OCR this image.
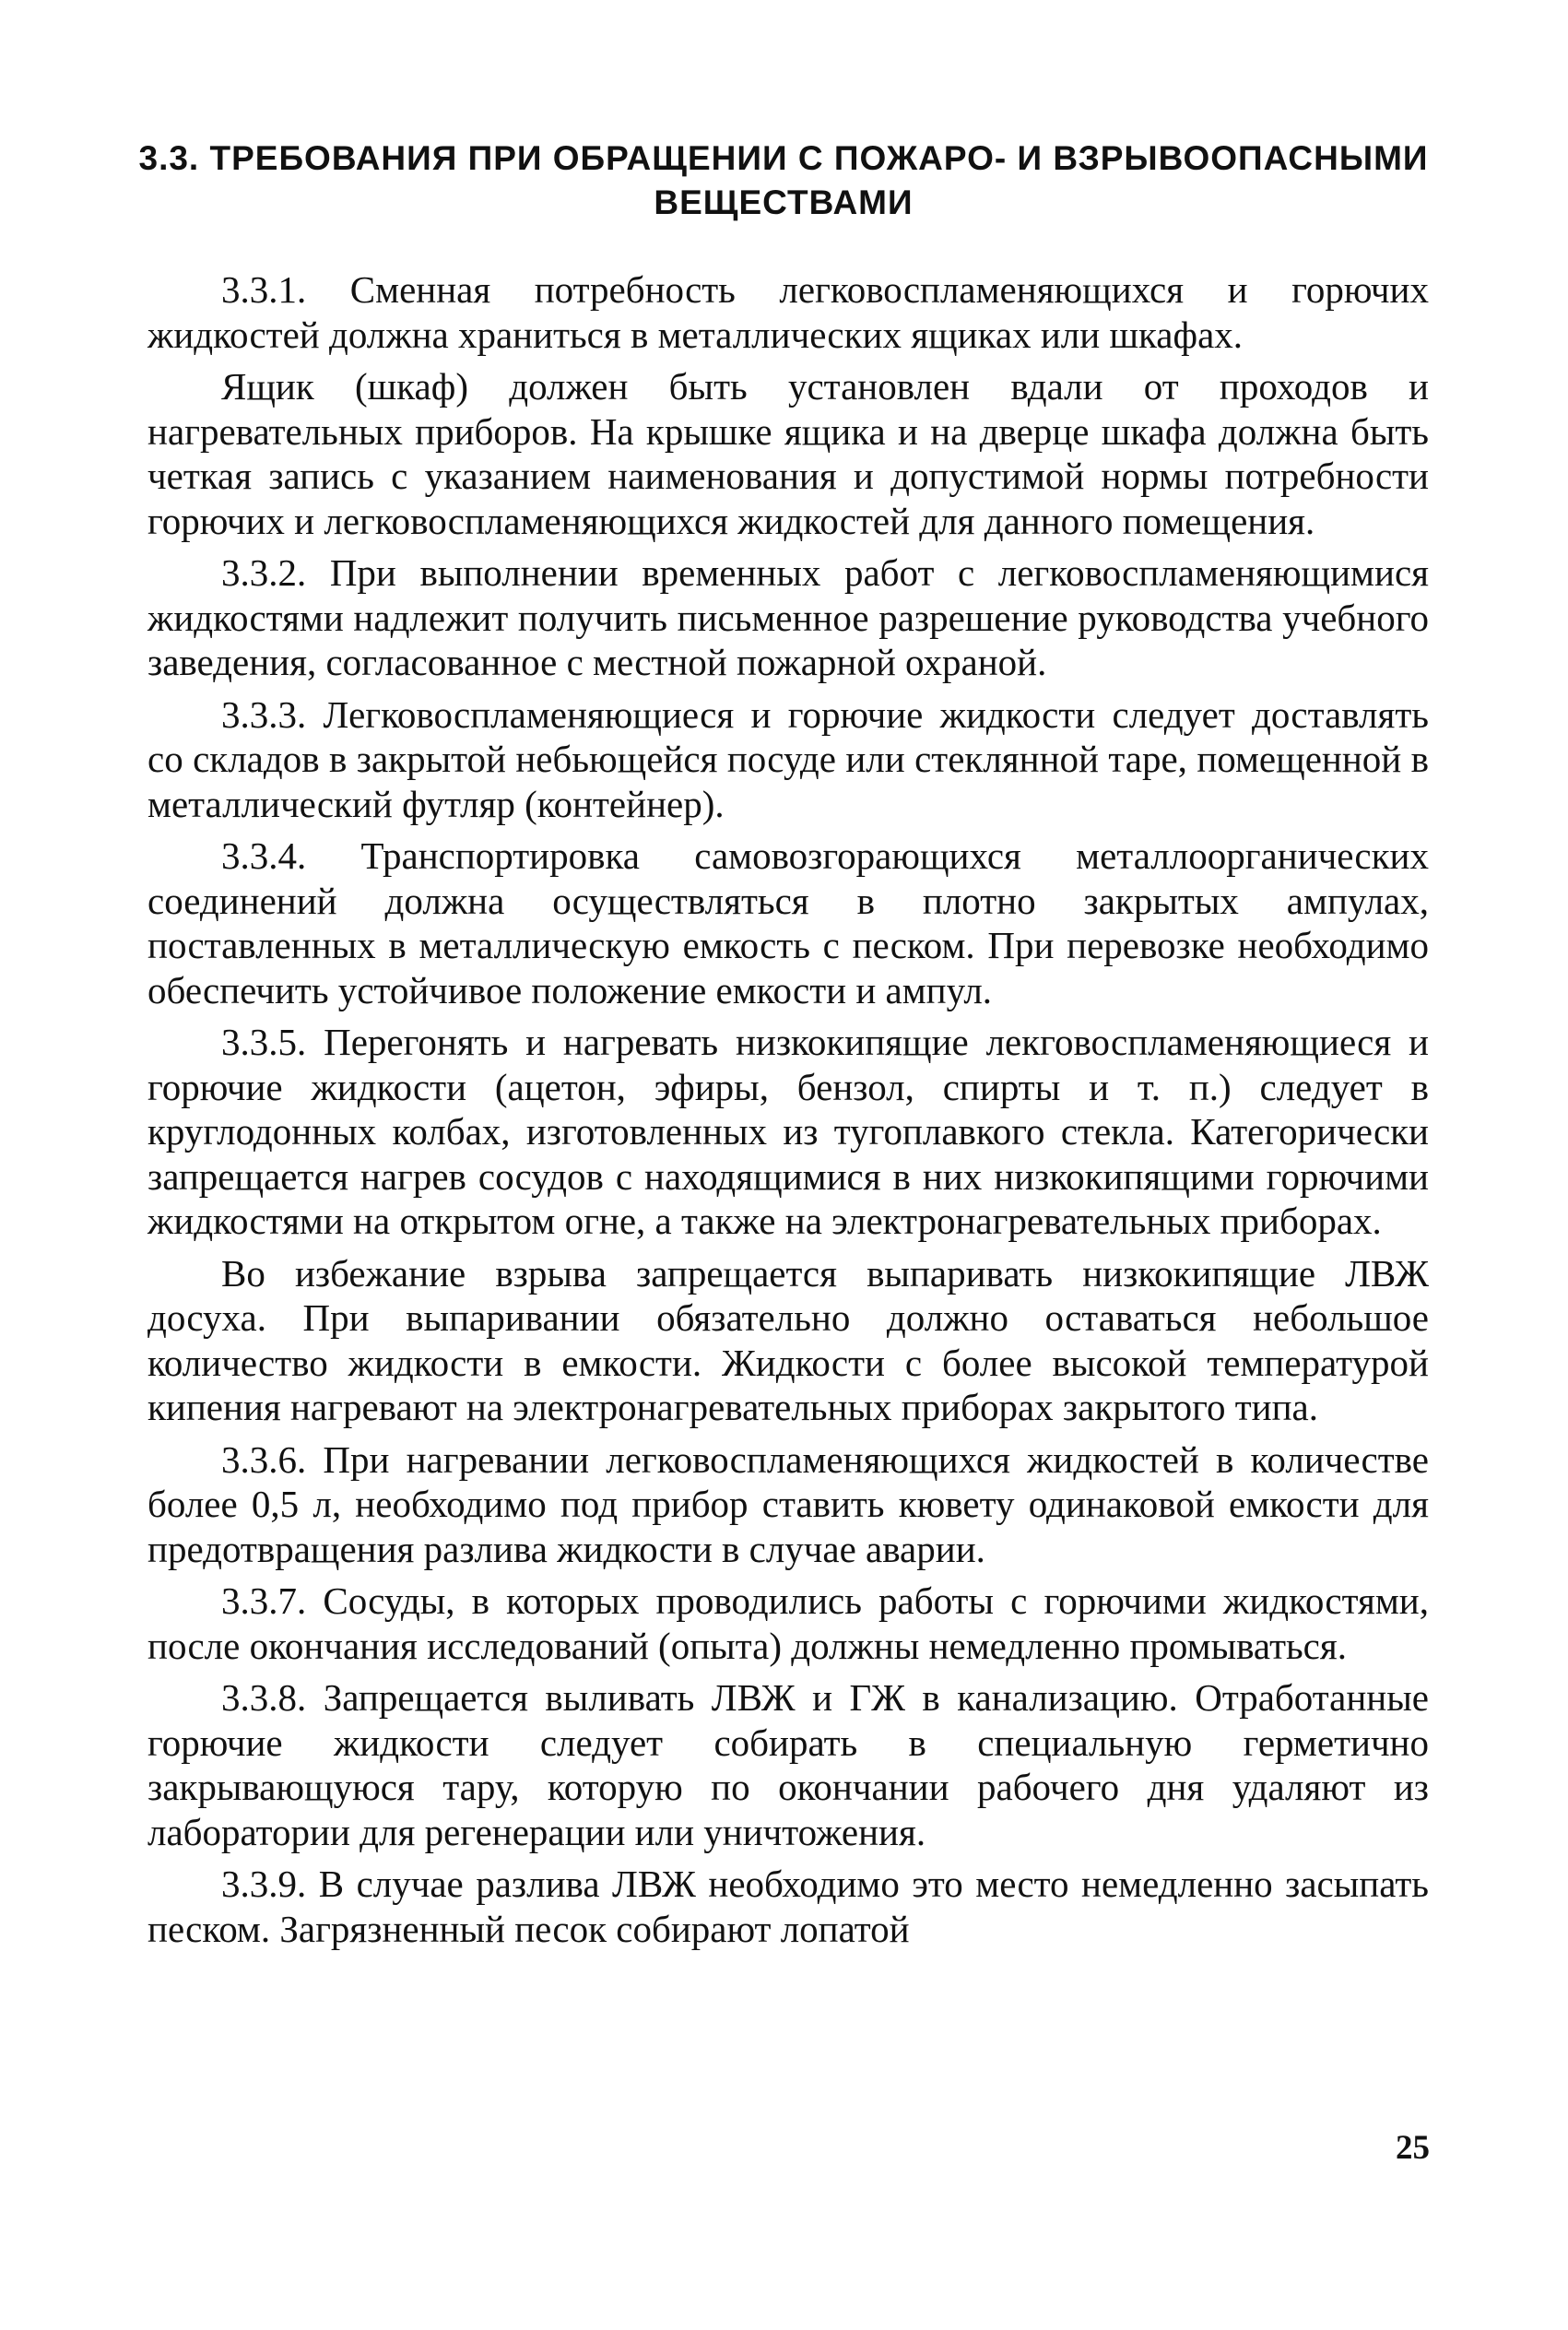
3.3. ТРЕБОВАНИЯ ПРИ ОБРАЩЕНИИ С ПОЖАРО- И ВЗРЫВООПАСНЫМИ
ВЕЩЕСТВАМИ

3.3.1. Сменная потребность легковоспламеняющихся и горючих жидкостей должна храниться в металлических ящиках или шкафах.

Ящик (шкаф) должен быть установлен вдали от проходов и нагревательных приборов. На крышке ящика и на дверце шкафа должна быть четкая запись с указанием наименования и допустимой нормы потребности горючих и легковоспламеняющихся жидкостей для данного помещения.

3.3.2. При выполнении временных работ с легковоспламеняющимися жидкостями надлежит получить письменное разрешение руководства учебного заведения, согласованное с местной пожарной охраной.

3.3.3. Легковоспламеняющиеся и горючие жидкости следует доставлять со складов в закрытой небьющейся посуде или стеклянной таре, помещенной в металлический футляр (контейнер).

3.3.4. Транспортировка самовозгорающихся металлоорганических соединений должна осуществляться в плотно закрытых ампулах, поставленных в металлическую емкость с песком. При перевозке необходимо обеспечить устойчивое положение емкости и ампул.

3.3.5. Перегонять и нагревать низкокипящие лекговоспламеняющиеся и горючие жидкости (ацетон, эфиры, бензол, спирты и т. п.) следует в круглодонных колбах, изготовленных из тугоплавкого стекла. Категорически запрещается нагрев сосудов с находящимися в них низкокипящими горючими жидкостями на открытом огне, а также на электронагревательных приборах.

Во избежание взрыва запрещается выпаривать низкокипящие ЛВЖ досуха. При выпаривании обязательно должно оставаться небольшое количество жидкости в емкости. Жидкости с более высокой температурой кипения нагревают на электронагревательных приборах закрытого типа.

3.3.6. При нагревании легковоспламеняющихся жидкостей в количестве более 0,5 л, необходимо под прибор ставить кювету одинаковой емкости для предотвращения разлива жидкости в случае аварии.

3.3.7. Сосуды, в которых проводились работы с горючими жидкостями, после окончания исследований (опыта) должны немедленно промываться.

3.3.8. Запрещается выливать ЛВЖ и ГЖ в канализацию. Отработанные горючие жидкости следует собирать в специальную герметично закрывающуюся тару, которую по окончании рабочего дня удаляют из лаборатории для регенерации или уничтожения.

3.3.9. В случае разлива ЛВЖ необходимо это место немедленно засыпать песком. Загрязненный песок собирают лопатой

25
